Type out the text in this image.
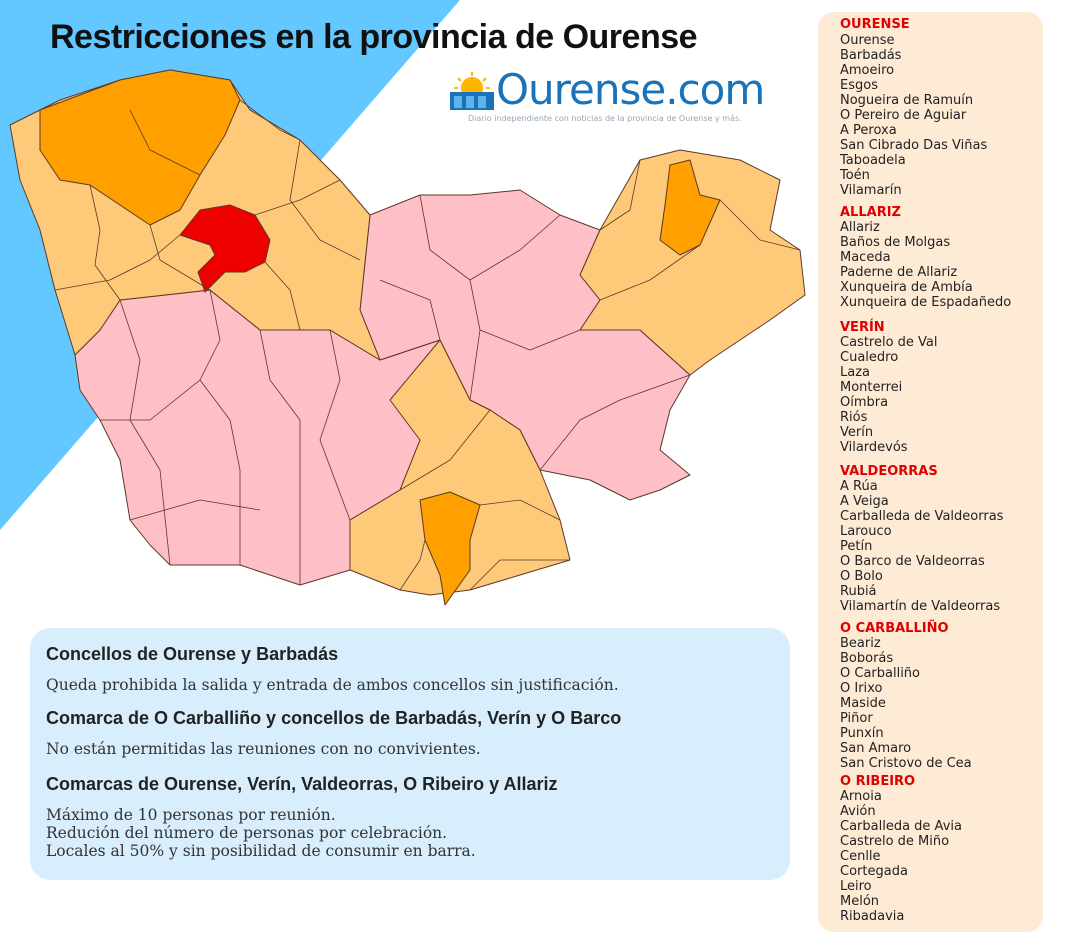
Restricciones en la provincia de Ourense
Ourense.com
Diario independiente con noticias de la provincia de Ourense y más.
Concellos de Ourense y Barbadás
Queda prohibida la salida y entrada de ambos concellos sin justificación.
Comarca de O Carballiño y concellos de Barbadás, Verín y O Barco
No están permitidas las reuniones con no convivientes.
Comarcas de Ourense, Verín, Valdeorras, O Ribeiro y Allariz
Máximo de 10 personas por reunión.
Redución del número de personas por celebración.
Locales al 50% y sin posibilidad de consumir en barra.
OURENSE
Ourense
Barbadás
Amoeiro
Esgos
Nogueira de Ramuín
O Pereiro de Aguiar
A Peroxa
San Cibrado Das Viñas
Taboadela
Toén
Vilamarín
ALLARIZ
Allariz
Baños de Molgas
Maceda
Paderne de Allariz
Xunqueira de Ambía
Xunqueira de Espadañedo
VERÍN
Castrelo de Val
Cualedro
Laza
Monterrei
Oímbra
Riós
Verín
Vilardevós
VALDEORRAS
A Rúa
A Veiga
Carballeda de Valdeorras
Larouco
Petín
O Barco de Valdeorras
O Bolo
Rubiá
Vilamartín de Valdeorras
O CARBALLIÑO
Beariz
Boborás
O Carballiño
O Irixo
Maside
Piñor
Punxín
San Amaro
San Cristovo de Cea
O RIBEIRO
Arnoia
Avión
Carballeda de Avia
Castrelo de Miño
Cenlle
Cortegada
Leiro
Melón
Ribadavia
